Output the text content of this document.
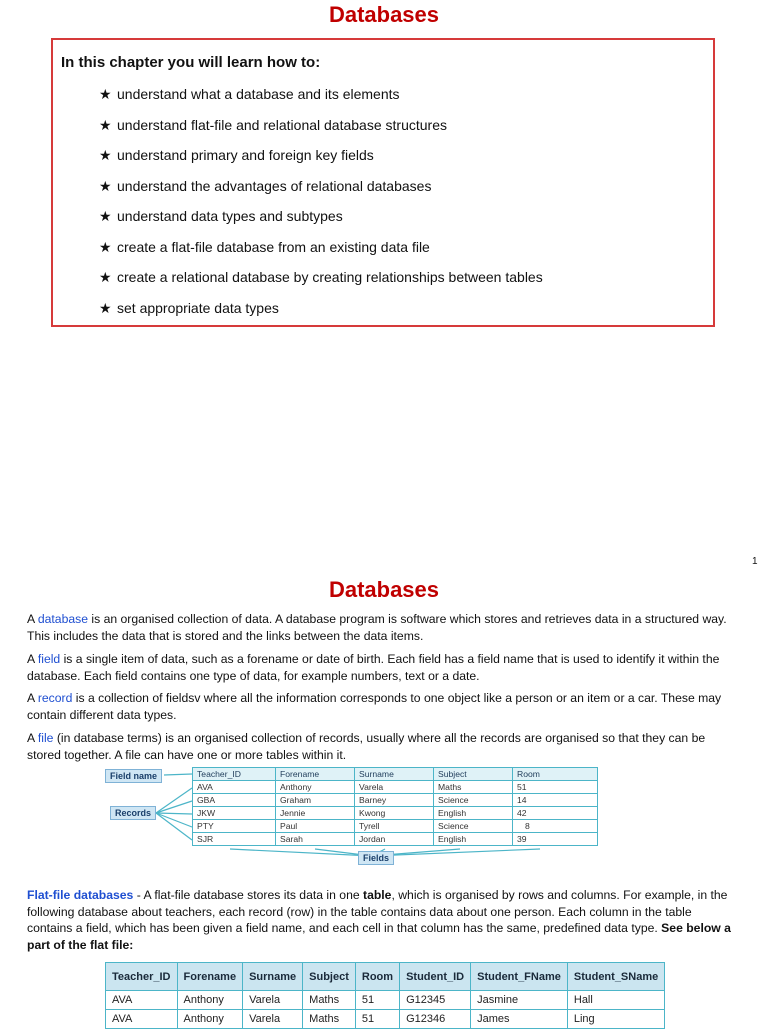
Databases
In this chapter you will learn how to:
★ understand what a database and its elements
★ understand flat-file and relational database structures
★ understand primary and foreign key fields
★ understand the advantages of relational databases
★ understand data types and subtypes
★ create a flat-file database from an existing data file
★ create a relational database by creating relationships between tables
★ set appropriate data types
1
Databases

A database is an organised collection of data. A database program is software which stores and retrieves data in a structured way. This includes the data that is stored and the links between the data items.

A field is a single item of data, such as a forename or date of birth. Each field has a field name that is used to identify it within the database. Each field contains one type of data, for example numbers, text or a date.

A record is a collection of fieldsv where all the information corresponds to one object like a person or an item or a car. These may contain different data types.

A file (in database terms) is an organised collection of records, usually where all the records are organised so that they can be stored together. A file can have one or more tables within it.

Field name
Records
Fields
Teacher_ID	Forename	Surname	Subject	Room
AVA	Anthony	Varela	Maths	51
GBA	Graham	Barney	Science	14
JKW	Jennie	Kwong	English	42
PTY	Paul	Tyrell	Science	8
SJR	Sarah	Jordan	English	39

Flat-file databases - A flat-file database stores its data in one table, which is organised by rows and columns. For example, in the following database about teachers, each record (row) in the table contains data about one person. Each column in the table contains a field, which has been given a field name, and each cell in that column has the same, predefined data type. See below a part of the flat file:

Teacher_ID	Forename	Surname	Subject	Room	Student_ID	Student_FName	Student_SName
AVA	Anthony	Varela	Maths	51	G12345	Jasmine	Hall
AVA	Anthony	Varela	Maths	51	G12346	James	Ling
